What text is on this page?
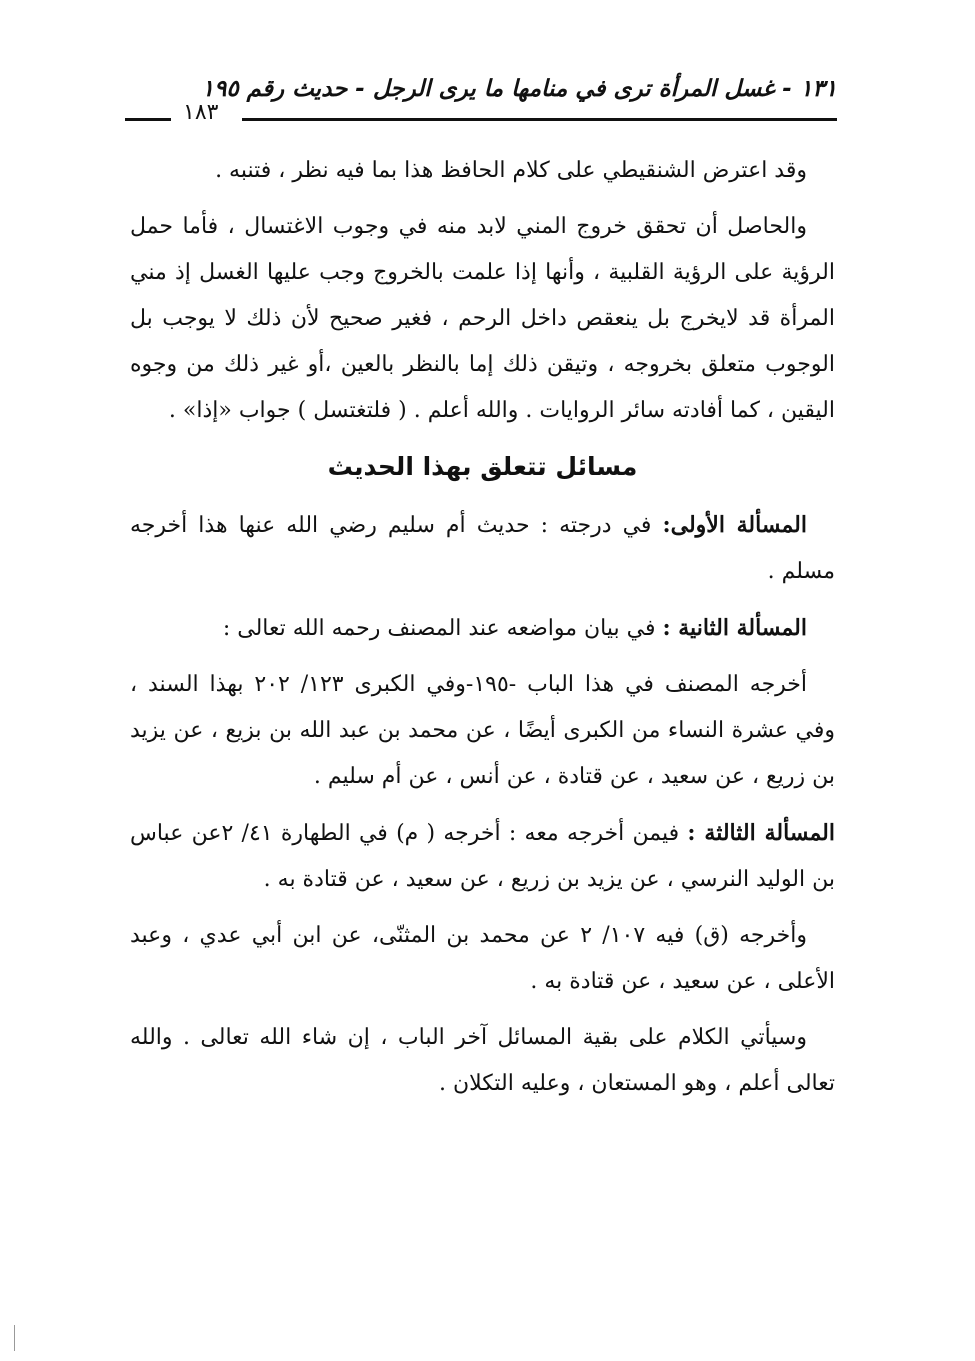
١٣١ - غسل المرأة ترى في منامها ما يرى الرجل - حديث رقم ١٩٥
١٨٣

وقد اعترض الشنقيطي على كلام الحافظ هذا بما فيه نظر ، فتنبه .

والحاصل أن تحقق خروج المني لابد منه في وجوب الاغتسال ، فأما حمل الرؤية على الرؤية القلبية ، وأنها إذا علمت بالخروج وجب عليها الغسل إذ مني المرأة قد لايخرج بل ينعقص داخل الرحم ، فغير صحيح لأن ذلك لا يوجب بل الوجوب متعلق بخروجه ، وتيقن ذلك إما بالنظر بالعين ،أو غير ذلك من وجوه اليقين ، كما أفادته سائر الروايات . والله أعلم . ( فلتغتسل ) جواب «إذا» .

مسائل تتعلق بهذا الحديث

المسألة الأولى: في درجته : حديث أم سليم رضي الله عنها هذا أخرجه مسلم .

المسألة الثانية : في بيان مواضعه عند المصنف رحمه الله تعالى :

أخرجه المصنف في هذا الباب -١٩٥-وفي الكبرى ١٢٣/ ٢٠٢ بهذا السند ، وفي عشرة النساء من الكبرى أيضًا ، عن محمد بن عبد الله بن بزيع ، عن يزيد بن زريع ، عن سعيد ، عن قتادة ، عن أنس ، عن أم سليم .

المسألة الثالثة : فيمن أخرجه معه : أخرجه ( م) في الطهارة ٤١/ ٢عن عباس بن الوليد النرسي ، عن يزيد بن زريع ، عن سعيد ، عن قتادة به .

وأخرجه (ق) فيه ١٠٧/ ٢ عن محمد بن المثنّى، عن ابن أبي عدي ، وعبد الأعلى ، عن سعيد ، عن قتادة به .

وسيأتي الكلام على بقية المسائل آخر الباب ، إن شاء الله تعالى . والله تعالى أعلم ، وهو المستعان ، وعليه التكلان .
